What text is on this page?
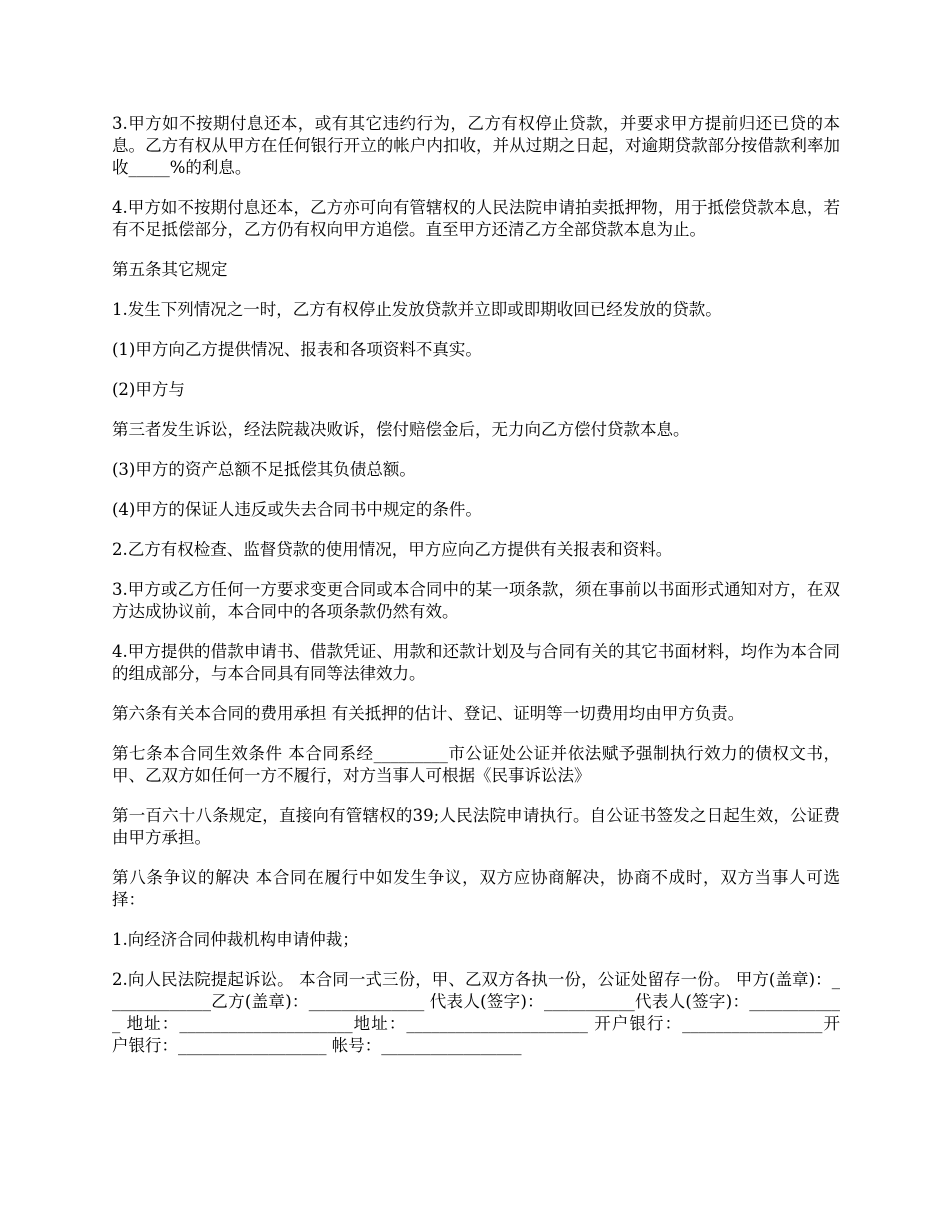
3.甲方如不按期付息还本，或有其它违约行为，乙方有权停止贷款，并要求甲方提前归还已贷的本息。乙方有权从甲方在任何银行开立的帐户内扣收，并从过期之日起，对逾期贷款部分按借款利率加收_____%的利息。

4.甲方如不按期付息还本，乙方亦可向有管辖权的人民法院申请拍卖抵押物，用于抵偿贷款本息，若有不足抵偿部分，乙方仍有权向甲方追偿。直至甲方还清乙方全部贷款本息为止。

第五条其它规定

1.发生下列情况之一时，乙方有权停止发放贷款并立即或即期收回已经发放的贷款。

(1)甲方向乙方提供情况、报表和各项资料不真实。

(2)甲方与

第三者发生诉讼，经法院裁决败诉，偿付赔偿金后，无力向乙方偿付贷款本息。

(3)甲方的资产总额不足抵偿其负债总额。

(4)甲方的保证人违反或失去合同书中规定的条件。

2.乙方有权检查、监督贷款的使用情况，甲方应向乙方提供有关报表和资料。

3.甲方或乙方任何一方要求变更合同或本合同中的某一项条款，须在事前以书面形式通知对方，在双方达成协议前，本合同中的各项条款仍然有效。

4.甲方提供的借款申请书、借款凭证、用款和还款计划及与合同有关的其它书面材料，均作为本合同的组成部分，与本合同具有同等法律效力。

第六条有关本合同的费用承担 有关抵押的估计、登记、证明等一切费用均由甲方负责。

第七条本合同生效条件 本合同系经_________市公证处公证并依法赋予强制执行效力的债权文书，甲、乙双方如任何一方不履行，对方当事人可根据《民事诉讼法》

第一百六十八条规定，直接向有管辖权的39;人民法院申请执行。自公证书签发之日起生效，公证费由甲方承担。

第八条争议的解决 本合同在履行中如发生争议，双方应协商解决，协商不成时，双方当事人可选择：

1.向经济合同仲裁机构申请仲裁；

2.向人民法院提起诉讼。 本合同一式三份，甲、乙双方各执一份，公证处留存一份。 甲方(盖章)：_____________乙方(盖章)：______________ 代表人(签字)：___________代表人(签字)：____________ 地址：_____________________地址：______________________ 开户银行：_________________开户银行：__________________ 帐号：_________________
